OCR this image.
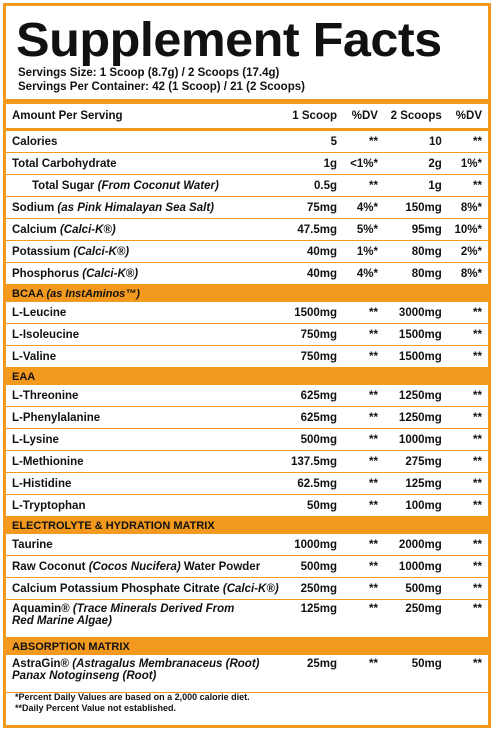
Supplement Facts
Servings Size: 1 Scoop (8.7g) / 2 Scoops (17.4g)
Servings Per Container: 42 (1 Scoop) / 21 (2 Scoops)
Amount Per Serving	1 Scoop	%DV	2 Scoops	%DV
Calories	5	**	10	**
Total Carbohydrate	1g	<1%*	2g	1%*
Total Sugar (From Coconut Water)	0.5g	**	1g	**
Sodium (as Pink Himalayan Sea Salt)	75mg	4%*	150mg	8%*
Calcium (Calci-K®)	47.5mg	5%*	95mg	10%*
Potassium (Calci-K®)	40mg	1%*	80mg	2%*
Phosphorus (Calci-K®)	40mg	4%*	80mg	8%*
BCAA (as InstAminos™)				
L-Leucine	1500mg	**	3000mg	**
L-Isoleucine	750mg	**	1500mg	**
L-Valine	750mg	**	1500mg	**
EAA				
L-Threonine	625mg	**	1250mg	**
L-Phenylalanine	625mg	**	1250mg	**
L-Lysine	500mg	**	1000mg	**
L-Methionine	137.5mg	**	275mg	**
L-Histidine	62.5mg	**	125mg	**
L-Tryptophan	50mg	**	100mg	**
ELECTROLYTE & HYDRATION MATRIX				
Taurine	1000mg	**	2000mg	**
Raw Coconut (Cocos Nucifera) Water Powder	500mg	**	1000mg	**
Calcium Potassium Phosphate Citrate (Calci-K®)	250mg	**	500mg	**
Aquamin® (Trace Minerals Derived From
Red Marine Algae)	125mg	**	250mg	**
ABSORPTION MATRIX				
AstraGin® (Astragalus Membranaceus (Root)
Panax Notoginseng (Root)	25mg	**	50mg	**
*Percent Daily Values are based on a 2,000 calorie diet.
**Daily Percent Value not established.
